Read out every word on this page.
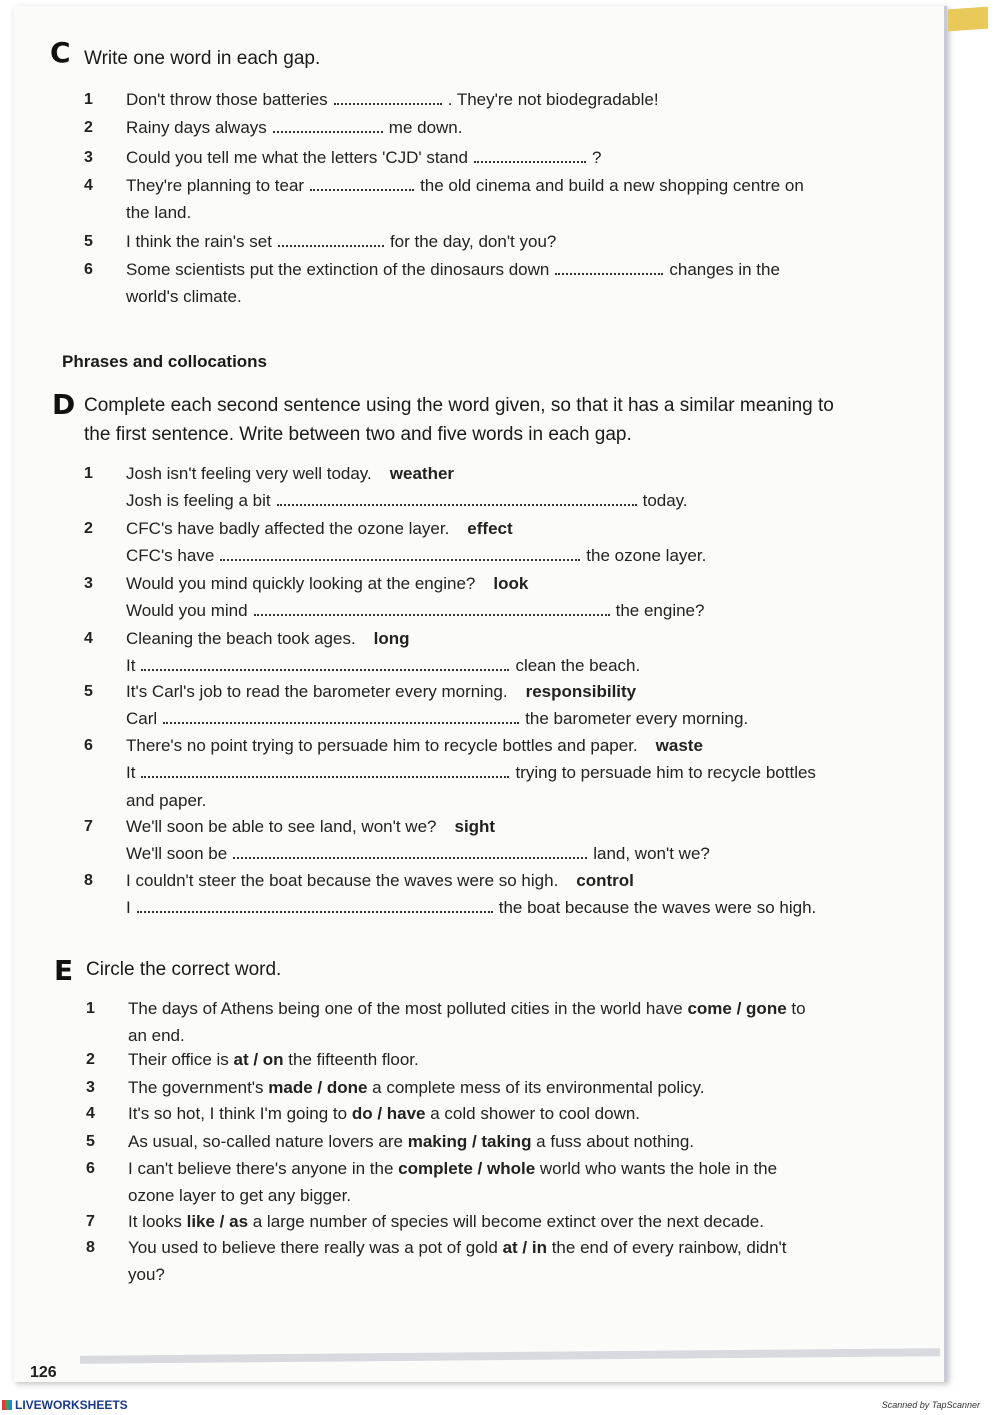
C Write one word in each gap.
1 Don't throw those batteries	. They're not biodegradable!
2 Rainy days always	me down.
3 Could you tell me what the letters 'CJD' stand	?
4 They're planning to tear	the old cinema and build a new shopping centre on
the land.
5 I think the rain's set	for the day, don't you?
6 Some scientists put the extinction of the dinosaurs down	changes in the
world's climate.
Phrases and collocations
D Complete each second sentence using the word given, so that it has a similar meaning to
the first sentence. Write between two and five words in each gap.
1 Josh isn't feeling very well today. weather
Josh is feeling a bit	today.
2 CFC's have badly affected the ozone layer. effect
CFC's have	the ozone layer.
3 Would you mind quickly looking at the engine? look
Would you mind	the engine?
4 Cleaning the beach took ages. long
It	clean the beach.
5 It's Carl's job to read the barometer every morning. responsibility
Carl	the barometer every morning.
6 There's no point trying to persuade him to recycle bottles and paper. waste
It	trying to persuade him to recycle bottles
and paper.
7 We'll soon be able to see land, won't we? sight
We'll soon be	land, won't we?
8 I couldn't steer the boat because the waves were so high. control
I	the boat because the waves were so high.
E Circle the correct word.
1 The days of Athens being one of the most polluted cities in the world have come / gone to
an end.
2 Their office is at / on the fifteenth floor.
3 The government's made / done a complete mess of its environmental policy.
4 It's so hot, I think I'm going to do / have a cold shower to cool down.
5 As usual, so-called nature lovers are making / taking a fuss about nothing.
6 I can't believe there's anyone in the complete / whole world who wants the hole in the
ozone layer to get any bigger.
7 It looks like / as a large number of species will become extinct over the next decade.
8 You used to believe there really was a pot of gold at / in the end of every rainbow, didn't
you?
126
LIVEWORKSHEETS	Scanned by TapScanner
